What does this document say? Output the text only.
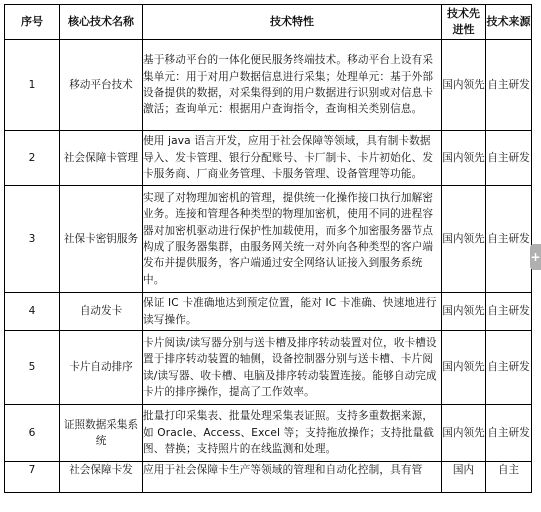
序号	核心技术名称	技术特性	技术先进性	技术来源
1	移动平台技术	基于移动平台的一体化便民服务终端技术。移动平台上设有采集单元：用于对用户数据信息进行采集；处理单元：基于外部设备提供的数据，对采集得到的用户数据进行识别或对信息卡激活；查询单元：根据用户查询指令，查询相关类别信息。	国内领先	自主研发
2	社会保障卡管理	使用 java 语言开发，应用于社会保障等领域，具有制卡数据导入、发卡管理、银行分配账号、卡厂制卡、卡片初始化、发卡服务商、厂商业务管理、卡服务管理、设备管理等功能。	国内领先	自主研发
3	社保卡密钥服务	实现了对物理加密机的管理，提供统一化操作接口执行加解密业务。连接和管理各种类型的物理加密机，使用不同的进程容器对加密机驱动进行保护性加载使用，而多个加密服务器节点构成了服务器集群，由服务网关统一对外向各种类型的客户端发布并提供服务，客户端通过安全网络认证接入到服务系统中。	国内领先	自主研发
4	自动发卡	保证 IC 卡准确地达到预定位置，能对 IC 卡准确、快速地进行读写操作。	国内领先	自主研发
5	卡片自动排序	卡片阅读/读写器分别与送卡槽及排序转动装置对位，收卡槽设置于排序转动装置的轴侧，设备控制器分别与送卡槽、卡片阅读/读写器、收卡槽、电脑及排序转动装置连接。能够自动完成卡片的排序操作，提高了工作效率。	国内领先	自主研发
6	证照数据采集系统	批量打印采集表、批量处理采集表证照。支持多重数据来源，如 Oracle、Access、Excel 等；支持拖放操作；支持批量截图、替换；支持照片的在线监测和处理。	国内领先	自主研发
7	社会保障卡发	应用于社会保障卡生产等领域的管理和自动化控制，具有管	国内	自主
+
